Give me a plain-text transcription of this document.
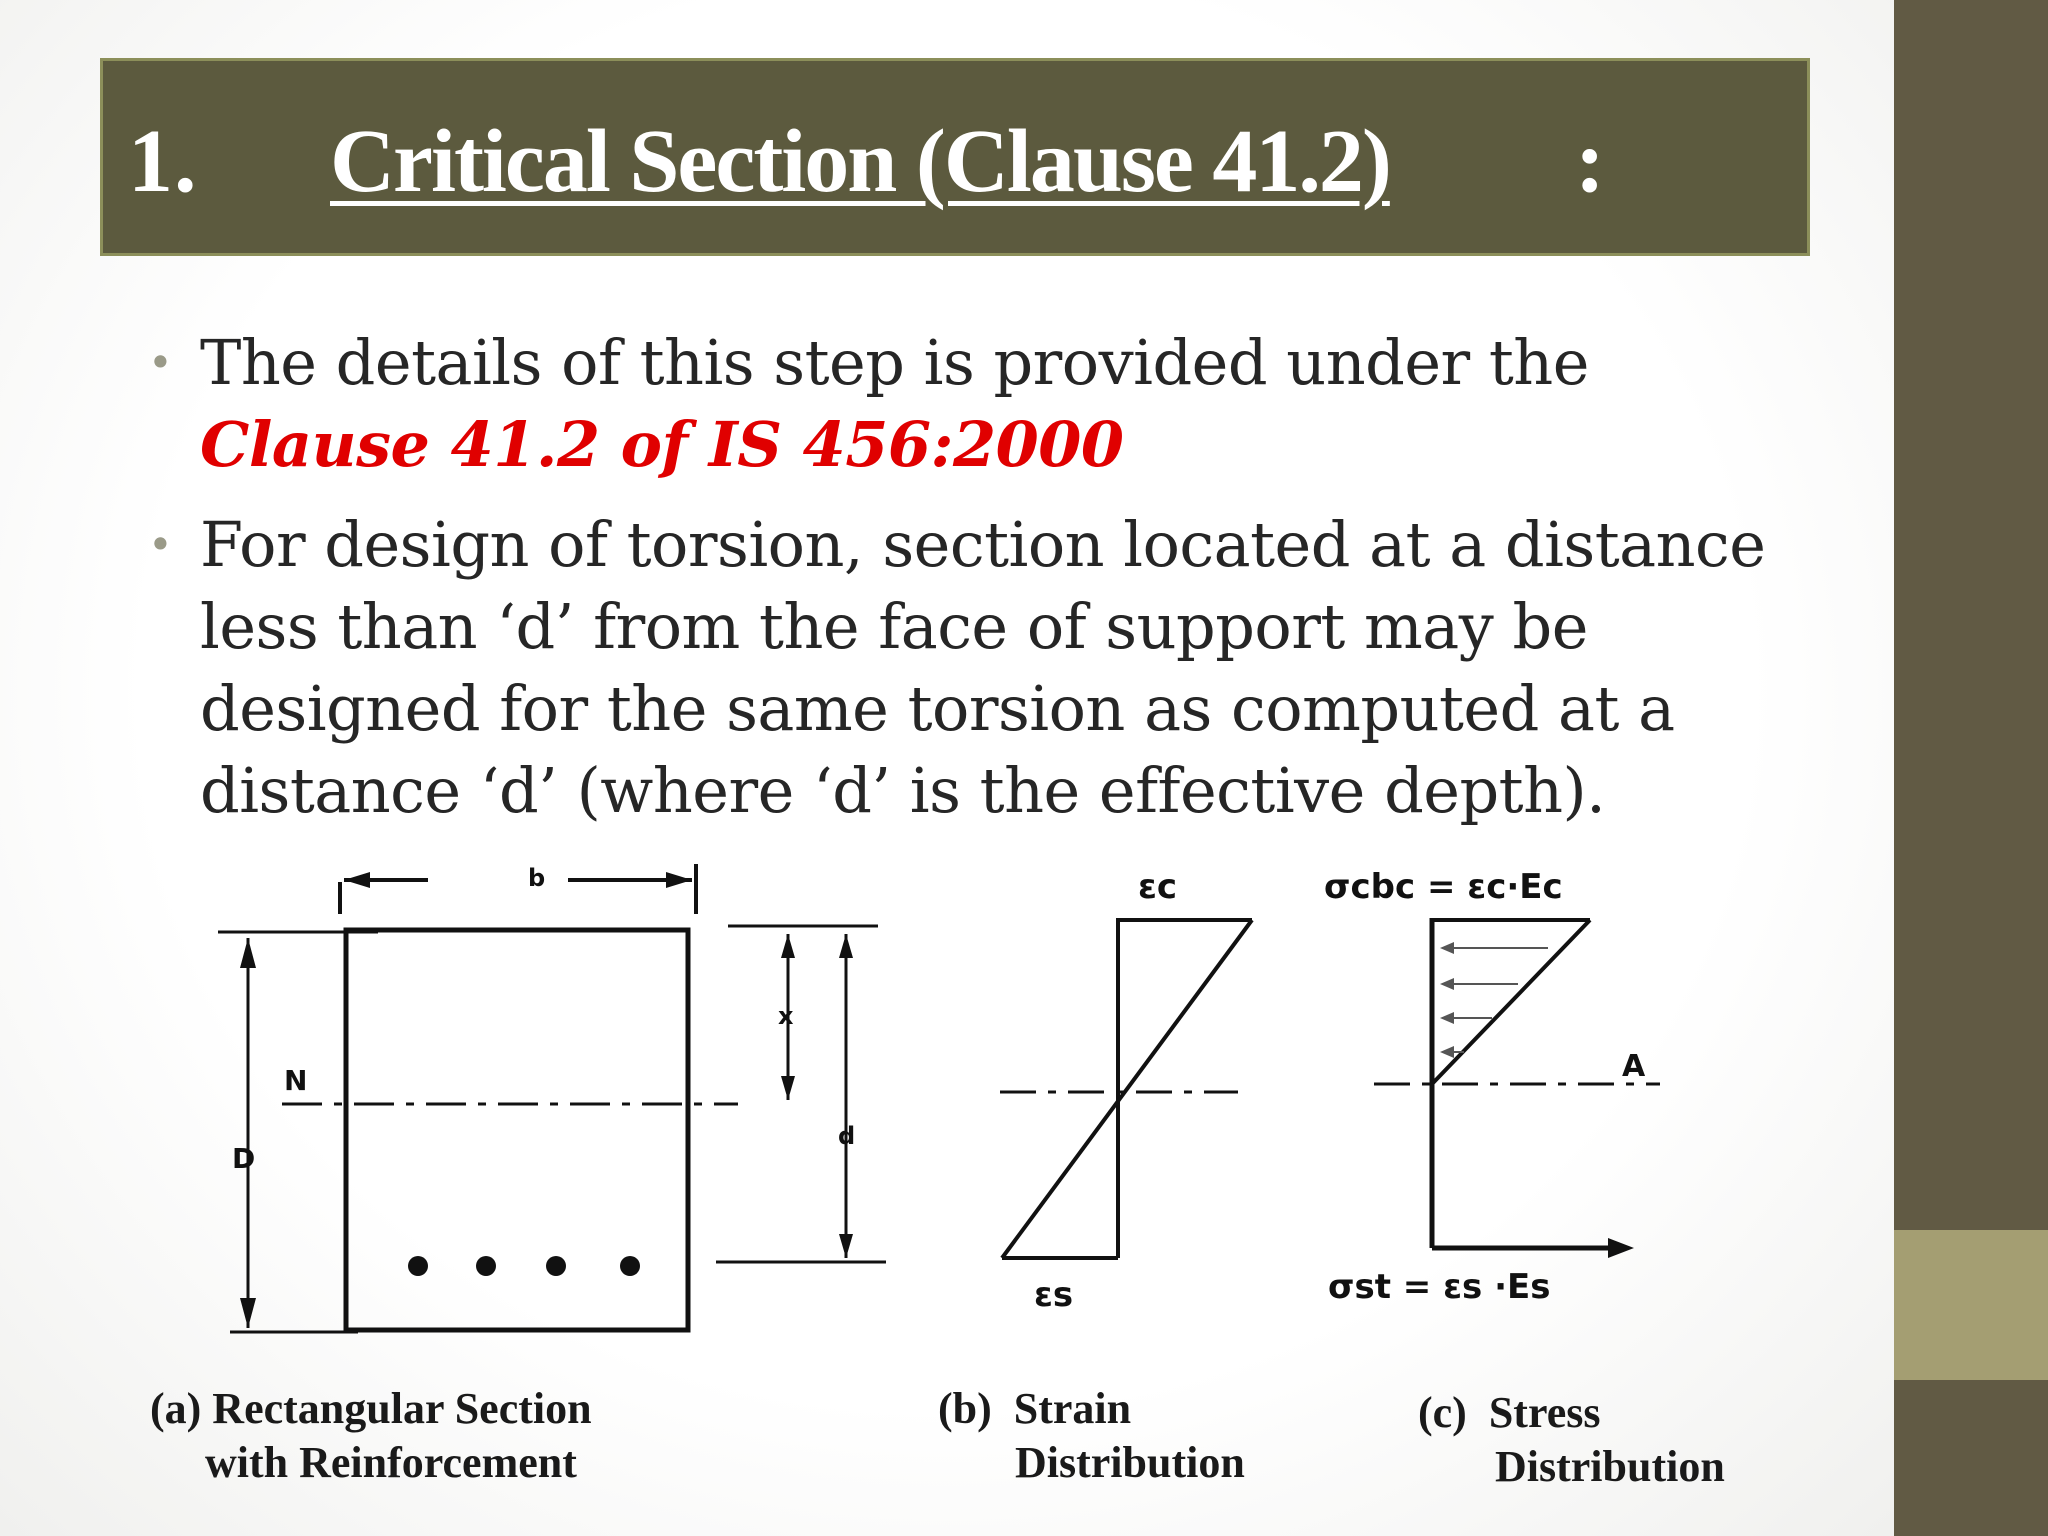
1. Critical Section (Clause 41.2) :
• The details of this step is provided under the Clause 41.2 of IS 456:2000
• For design of torsion, section located at a distance less than ‘d’ from the face of support may be designed for the same torsion as computed at a distance ‘d’ (where ‘d’ is the effective depth).
b
x
d
D
N	A
εc
εs
σcbc = εc·Ec
σst = εs ·Es
(a) Rectangular Section
with Reinforcement
(b)  Strain
Distribution
(c)  Stress
Distribution
